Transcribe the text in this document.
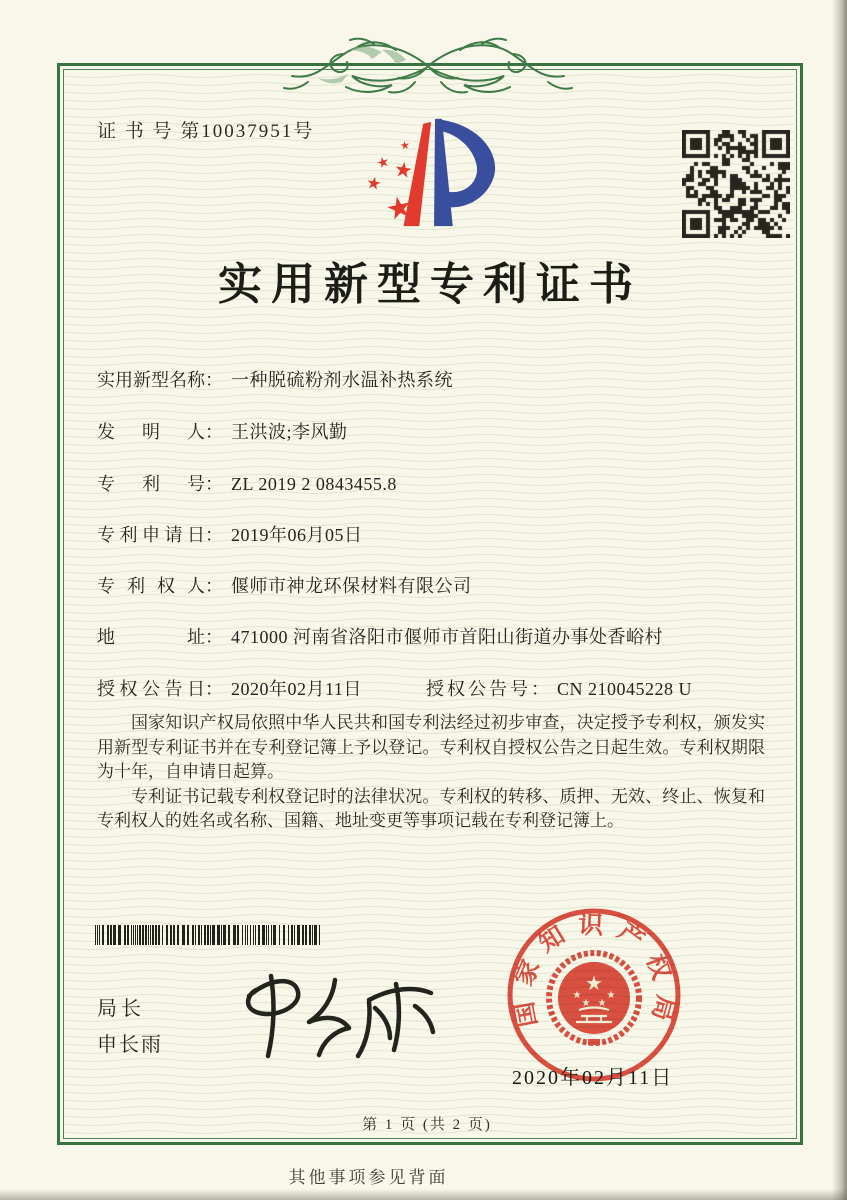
证 书 号 第10037951号
★
★
★
★
★
实用新型专利证书
实 用 新 型 名 称 ： 一种脱硫粉剂水温补热系统
发 明 人 ： 王洪波;李风勤
专 利 号 ： ZL 2019 2 0843455.8
专 利 申 请 日 ： 2019年06月05日
专 利 权 人 ： 偃师市神龙环保材料有限公司
地	址 ： 471000 河南省洛阳市偃师市首阳山街道办事处香峪村
授 权 公 告 日 ： 2020年02月11日	授权公告号： CN 210045228 U

国家知识产权局依照中华人民共和国专利法经过初步审查，决定授予专利权，颁发实用新型专利证书并在专利登记簿上予以登记。专利权自授权公告之日起生效。专利权期限为十年，自申请日起算。

专利证书记载专利权登记时的法律状况。专利权的转移、质押、无效、终止、恢复和专利权人的姓名或名称、国籍、地址变更等事项记载在专利登记簿上。

局长
申长雨
国家知识产权局
★
★
★ ★
★
2020年02月11日
第 1 页 (共 2 页)
其他事项参见背面
